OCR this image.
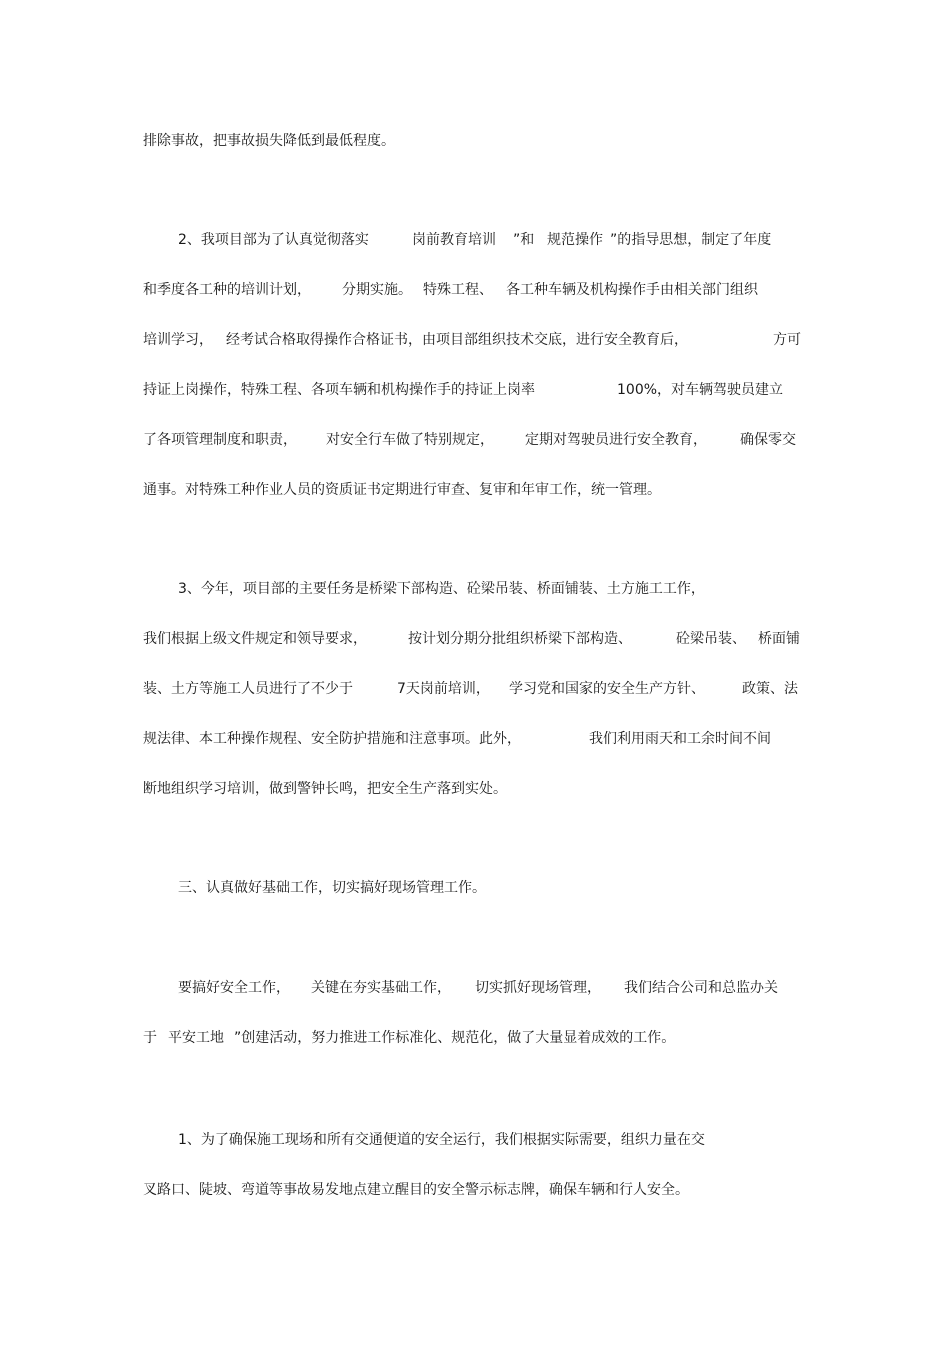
排除事故，把事故损失降低到最低程度。
2、我项目部为了认真觉彻落实	岗前教育培训 ”和 规范操作 ”的指导思想，制定了年度
和季度各工种的培训计划， 分期实施。 特殊工程、 各工种车辆及机构操作手由相关部门组织
培训学习， 经考试合格取得操作合格证书，由项目部组织技术交底，进行安全教育后，	方可
持证上岗操作，特殊工程、各项车辆和机构操作手的持证上岗率	100%，对车辆驾驶员建立
了各项管理制度和职责， 对安全行车做了特别规定， 定期对驾驶员进行安全教育， 确保零交
通事。对特殊工种作业人员的资质证书定期进行审查、复审和年审工作，统一管理。
3、今年，项目部的主要任务是桥梁下部构造、砼梁吊装、桥面铺装、土方施工工作，
我们根据上级文件规定和领导要求，	按计划分期分批组织桥梁下部构造、	砼梁吊装、 桥面铺
装、土方等施工人员进行了不少于	7天岗前培训， 学习党和国家的安全生产方针、	政策、法
规法律、本工种操作规程、安全防护措施和注意事项。此外，	我们利用雨天和工余时间不间
断地组织学习培训，做到警钟长鸣，把安全生产落到实处。
三、认真做好基础工作，切实搞好现场管理工作。
要搞好安全工作， 关键在夯实基础工作， 切实抓好现场管理， 我们结合公司和总监办关
于 平安工地 ”创建活动，努力推进工作标准化、规范化，做了大量显着成效的工作。
1、为了确保施工现场和所有交通便道的安全运行，我们根据实际需要，组织力量在交
叉路口、陡坡、弯道等事故易发地点建立醒目的安全警示标志牌，确保车辆和行人安全。
